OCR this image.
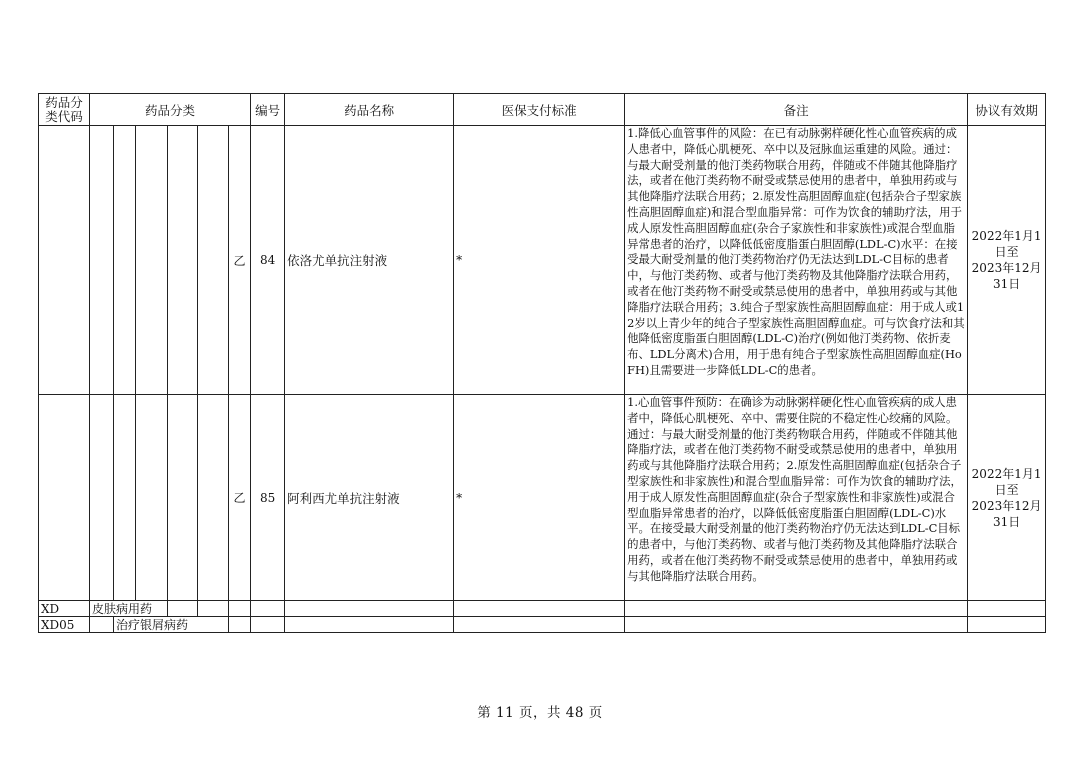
药品分类代码	药品分类						编号	药品名称	医保支付标准	备注	协议有效期
						乙	84	依洛尤单抗注射液	*	1.降低心血管事件的风险：在已有动脉粥样硬化性心血管疾病的成人患者中，降低心肌梗死、卒中以及冠脉血运重建的风险。通过：与最大耐受剂量的他汀类药物联合用药，伴随或不伴随其他降脂疗法，或者在他汀类药物不耐受或禁忌使用的患者中，单独用药或与其他降脂疗法联合用药；2.原发性高胆固醇血症(包括杂合子型家族性高胆固醇血症)和混合型血脂异常：可作为饮食的辅助疗法，用于成人原发性高胆固醇血症(杂合子家族性和非家族性)或混合型血脂异常患者的治疗，以降低低密度脂蛋白胆固醇(LDL-C)水平：在接受最大耐受剂量的他汀类药物治疗仍无法达到LDL-C目标的患者中，与他汀类药物、或者与他汀类药物及其他降脂疗法联合用药，或者在他汀类药物不耐受或禁忌使用的患者中，单独用药或与其他降脂疗法联合用药；3.纯合子型家族性高胆固醇血症：用于成人或12岁以上青少年的纯合子型家族性高胆固醇血症。可与饮食疗法和其他降低密度脂蛋白胆固醇(LDL-C)治疗(例如他汀类药物、依折麦布、LDL分离术)合用，用于患有纯合子型家族性高胆固醇血症(HoFH)且需要进一步降低LDL-C的患者。	2022年1月1日至
2023年12月31日

						乙	85	阿利西尤单抗注射液	*	1.心血管事件预防：在确诊为动脉粥样硬化性心血管疾病的成人患者中，降低心肌梗死、卒中、需要住院的不稳定性心绞痛的风险。通过：与最大耐受剂量的他汀类药物联合用药，伴随或不伴随其他降脂疗法，或者在他汀类药物不耐受或禁忌使用的患者中，单独用药或与其他降脂疗法联合用药；2.原发性高胆固醇血症(包括杂合子型家族性和非家族性)和混合型血脂异常：可作为饮食的辅助疗法，用于成人原发性高胆固醇血症(杂合子型家族性和非家族性)或混合型血脂异常患者的治疗，以降低低密度脂蛋白胆固醇(LDL-C)水平。在接受最大耐受剂量的他汀类药物治疗仍无法达到LDL-C目标的患者中，与他汀类药物、或者与他汀类药物及其他降脂疗法联合用药，或者在他汀类药物不耐受或禁忌使用的患者中，单独用药或与其他降脂疗法联合用药。	2022年1月1日至
2023年12月31日

XD	皮肤病用药										
XD05		治疗银屑病药									
第 11 页，共 48 页
